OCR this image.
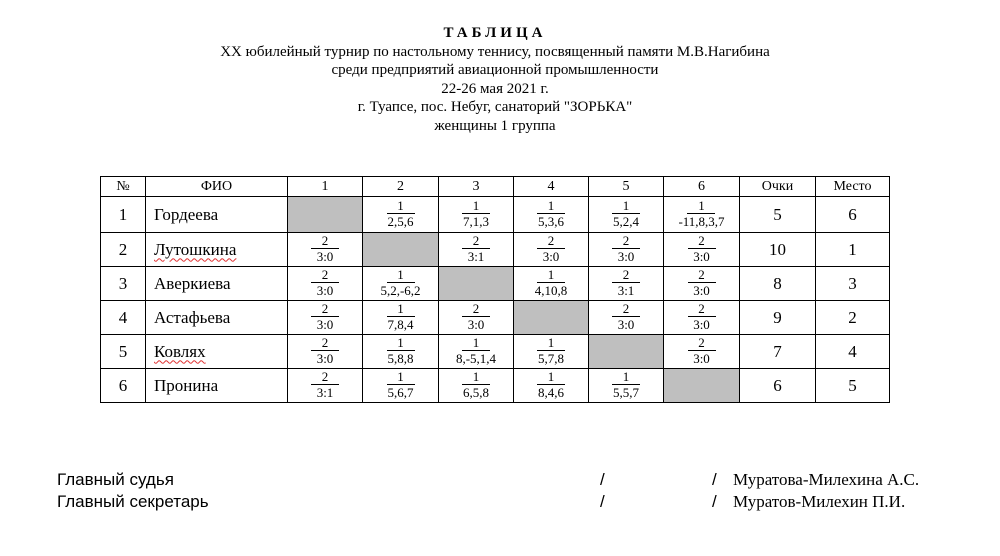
ТАБЛИЦА
XX юбилейный турнир по настольному теннису, посвященный памяти М.В.Нагибина
среди предприятий авиационной промышленности
22-26 мая 2021 г.
г. Туапсе, пос. Небуг, санаторий "ЗОРЬКА"
женщины 1 группа
№	ФИО	1	2	3	4	5	6	Очки	Место
1	Гордеева		$\frac{1}{2,5,6}$	$\frac{1}{7,1,3}$	$\frac{1}{5,3,6}$	$\frac{1}{5,2,4}$	$\frac{1}{-11,8,3,7}$	5	6
2	Лутошкина	$\frac{2}{3:0}$		$\frac{2}{3:1}$	$\frac{2}{3:0}$	$\frac{2}{3:0}$	$\frac{2}{3:0}$	10	1
3	Аверкиева	$\frac{2}{3:0}$	$\frac{1}{5,2,-6,2}$		$\frac{1}{4,10,8}$	$\frac{2}{3:1}$	$\frac{2}{3:0}$	8	3
4	Астафьева	$\frac{2}{3:0}$	$\frac{1}{7,8,4}$	$\frac{2}{3:0}$		$\frac{2}{3:0}$	$\frac{2}{3:0}$	9	2
5	Ковлях	$\frac{2}{3:0}$	$\frac{1}{5,8,8}$	$\frac{1}{8,-5,1,4}$	$\frac{1}{5,7,8}$		$\frac{2}{3:0}$	7	4
6	Пронина	$\frac{2}{3:1}$	$\frac{1}{5,6,7}$	$\frac{1}{6,5,8}$	$\frac{1}{8,4,6}$	$\frac{1}{5,5,7}$		6	5
Главный судья
Главный секретарь
/	/
/	/
Муратова-Милехина А.С.
Муратов-Милехин П.И.
